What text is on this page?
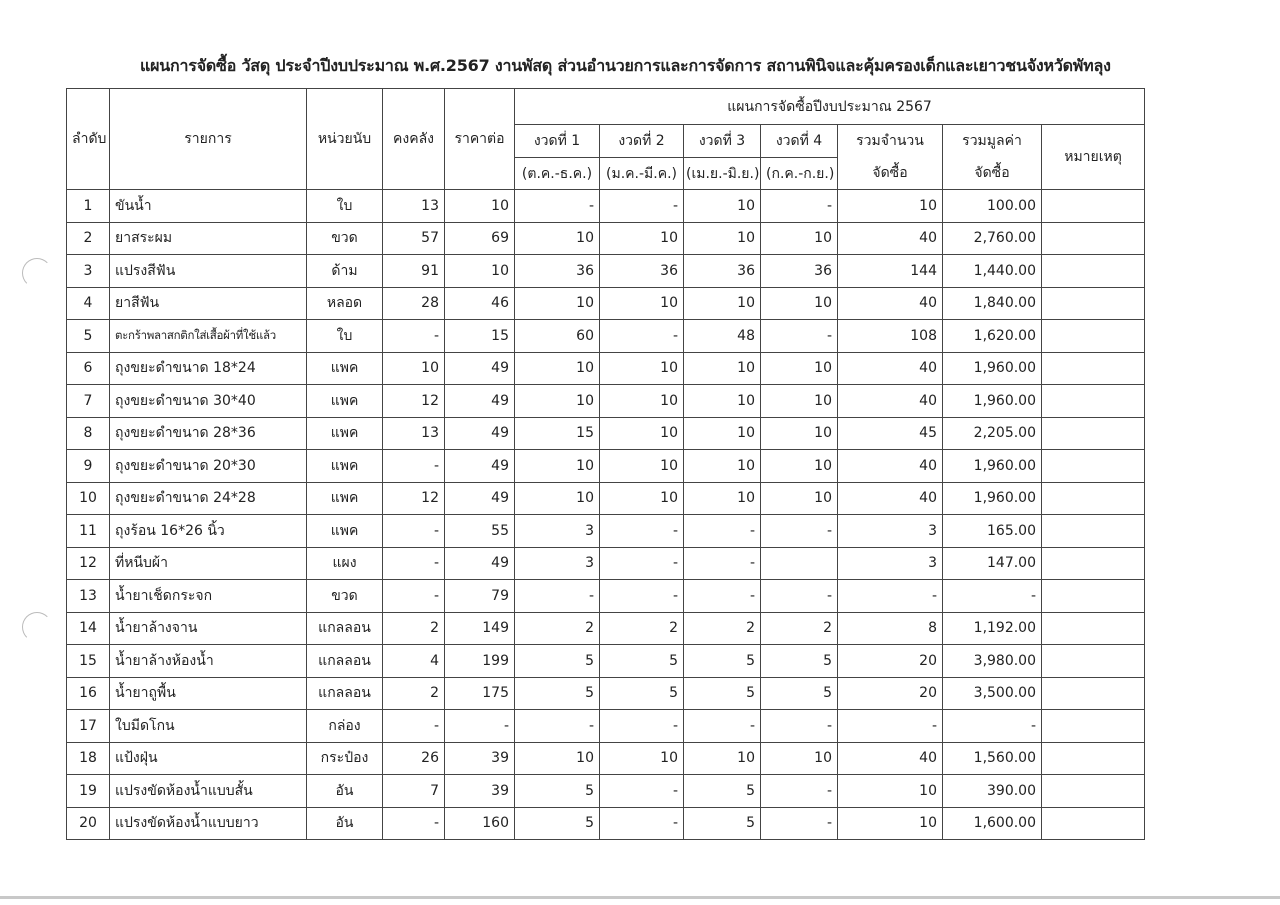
แผนการจัดซื้อ วัสดุ ประจำปีงบประมาณ พ.ศ.2567 งานพัสดุ ส่วนอำนวยการและการจัดการ สถานพินิจและคุ้มครองเด็กและเยาวชนจังหวัดพัทลุง
ลำดับ	รายการ	หน่วยนับ	คงคลัง	ราคาต่อ	แผนการจัดซื้อปีงบประมาณ 2567						
					งวดที่ 1	งวดที่ 2	งวดที่ 3	งวดที่ 4	รวมจำนวน	รวมมูลค่า	หมายเหตุ
					(ต.ค.-ธ.ค.)	(ม.ค.-มี.ค.)	(เม.ย.-มิ.ย.)	(ก.ค.-ก.ย.)	จัดซื้อ	จัดซื้อ	
1	ขันน้ำ	ใบ	13	10	-	-	10	-	10	100.00	
2	ยาสระผม	ขวด	57	69	10	10	10	10	40	2,760.00	
3	แปรงสีฟัน	ด้าม	91	10	36	36	36	36	144	1,440.00	
4	ยาสีฟัน	หลอด	28	46	10	10	10	10	40	1,840.00	
5	ตะกร้าพลาสกติกใส่เสื้อผ้าที่ใช้แล้ว	ใบ	-	15	60	-	48	-	108	1,620.00	
6	ถุงขยะดำขนาด 18*24	แพค	10	49	10	10	10	10	40	1,960.00	
7	ถุงขยะดำขนาด 30*40	แพค	12	49	10	10	10	10	40	1,960.00	
8	ถุงขยะดำขนาด 28*36	แพค	13	49	15	10	10	10	45	2,205.00	
9	ถุงขยะดำขนาด 20*30	แพค	-	49	10	10	10	10	40	1,960.00	
10	ถุงขยะดำขนาด 24*28	แพค	12	49	10	10	10	10	40	1,960.00	
11	ถุงร้อน 16*26 นิ้ว	แพค	-	55	3	-	-	-	3	165.00	
12	ที่หนีบผ้า	แผง	-	49	3	-	-		3	147.00	
13	น้ำยาเช็ดกระจก	ขวด	-	79	-	-	-	-	-	-	
14	น้ำยาล้างจาน	แกลลอน	2	149	2	2	2	2	8	1,192.00	
15	น้ำยาล้างห้องน้ำ	แกลลอน	4	199	5	5	5	5	20	3,980.00	
16	น้ำยาถูพื้น	แกลลอน	2	175	5	5	5	5	20	3,500.00	
17	ใบมีดโกน	กล่อง	-	-	-	-	-	-	-	-	
18	แป้งฝุ่น	กระป๋อง	26	39	10	10	10	10	40	1,560.00	
19	แปรงขัดห้องน้ำแบบสั้น	อัน	7	39	5	-	5	-	10	390.00	
20	แปรงขัดห้องน้ำแบบยาว	อัน	-	160	5	-	5	-	10	1,600.00	
